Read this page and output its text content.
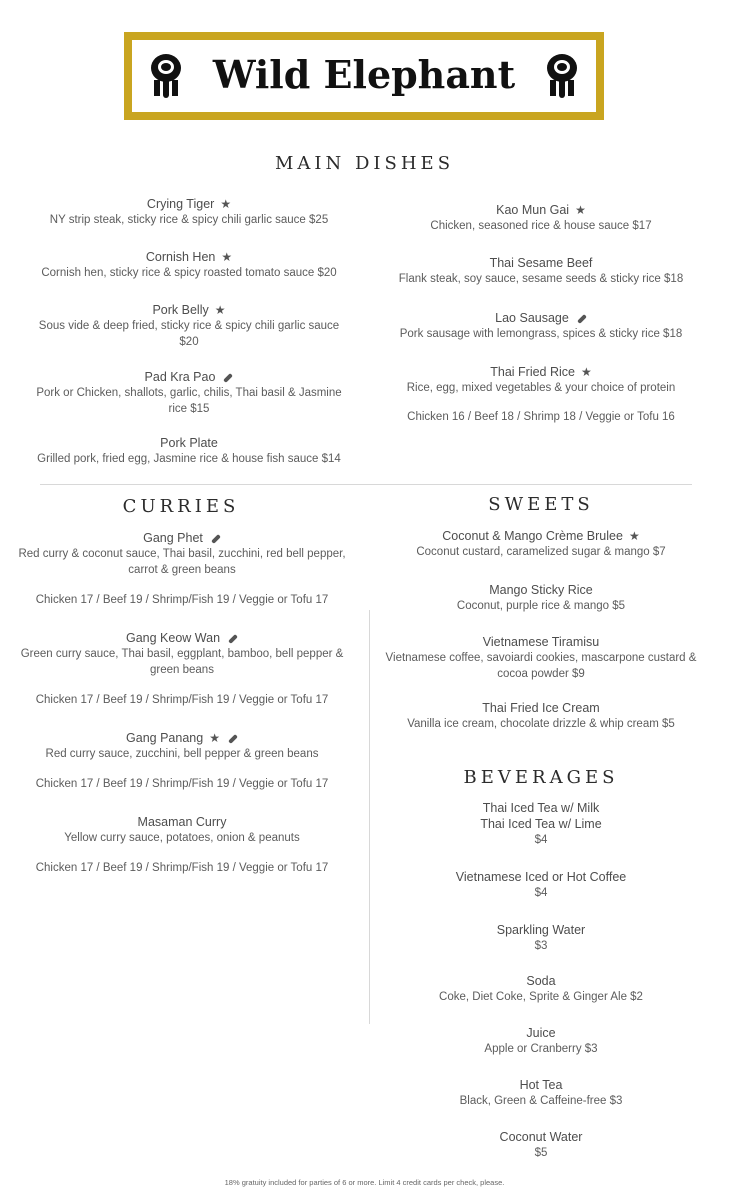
Wild Elephant
MAIN DISHES
Crying Tiger ★
NY strip steak, sticky rice & spicy chili garlic sauce $25
Cornish Hen ★
Cornish hen, sticky rice & spicy roasted tomato sauce $20
Pork Belly ★
Sous vide & deep fried, sticky rice & spicy chili garlic sauce
$20
Pad Kra Pao
Pork or Chicken, shallots, garlic, chilis, Thai basil & Jasmine
rice $15
Pork Plate
Grilled pork, fried egg, Jasmine rice & house fish sauce $14
Kao Mun Gai ★
Chicken, seasoned rice & house sauce $17
Thai Sesame Beef
Flank steak, soy sauce, sesame seeds & sticky rice $18
Lao Sausage
Pork sausage with lemongrass, spices & sticky rice $18
Thai Fried Rice ★
Rice, egg, mixed vegetables & your choice of protein
Chicken 16 / Beef 18 / Shrimp 18 / Veggie or Tofu 16
CURRIES
Gang Phet
Red curry & coconut sauce, Thai basil, zucchini, red bell pepper,
carrot & green beans
Chicken 17 / Beef 19 / Shrimp/Fish 19 / Veggie or Tofu 17
Gang Keow Wan
Green curry sauce, Thai basil, eggplant, bamboo, bell pepper &
green beans
Chicken 17 / Beef 19 / Shrimp/Fish 19 / Veggie or Tofu 17
Gang Panang ★
Red curry sauce, zucchini, bell pepper & green beans
Chicken 17 / Beef 19 / Shrimp/Fish 19 / Veggie or Tofu 17
Masaman Curry
Yellow curry sauce, potatoes, onion & peanuts
Chicken 17 / Beef 19 / Shrimp/Fish 19 / Veggie or Tofu 17
SWEETS
Coconut & Mango Crème Brulee ★
Coconut custard, caramelized sugar & mango $7
Mango Sticky Rice
Coconut, purple rice & mango $5
Vietnamese Tiramisu
Vietnamese coffee, savoiardi cookies, mascarpone custard &
cocoa powder $9
Thai Fried Ice Cream
Vanilla ice cream, chocolate drizzle & whip cream $5
BEVERAGES
Thai Iced Tea w/ Milk
Thai Iced Tea w/ Lime
$4
Vietnamese Iced or Hot Coffee
$4
Sparkling Water
$3
Soda
Coke, Diet Coke, Sprite & Ginger Ale $2
Juice
Apple or Cranberry $3
Hot Tea
Black, Green & Caffeine-free $3
Coconut Water
$5
18% gratuity included for parties of 6 or more. Limit 4 credit cards per check, please.
